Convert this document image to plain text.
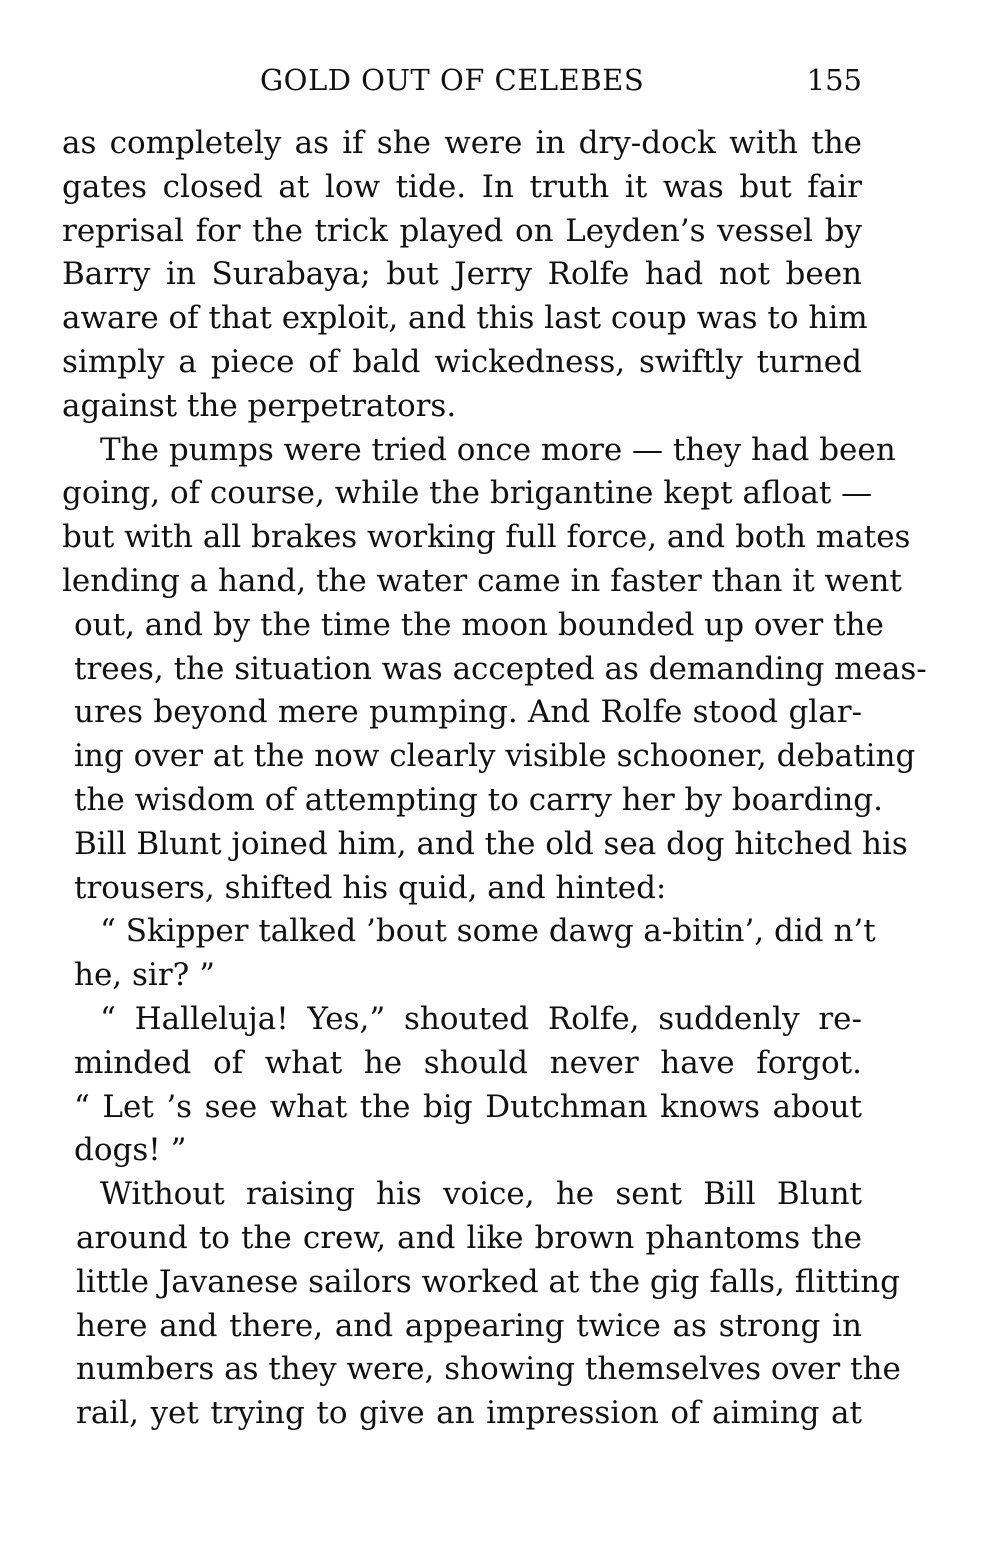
GOLD OUT OF CELEBES	155
as completely as if she were in dry-dock with the
gates closed at low tide. In truth it was but fair
reprisal for the trick played on Leyden’s vessel by
Barry in Surabaya; but Jerry Rolfe had not been
aware of that exploit, and this last coup was to him
simply a piece of bald wickedness, swiftly turned
against the perpetrators.
The pumps were tried once more — they had been
going, of course, while the brigantine kept afloat —
but with all brakes working full force, and both mates
lending a hand, the water came in faster than it went
out, and by the time the moon bounded up over the
trees, the situation was accepted as demanding meas-
ures beyond mere pumping. And Rolfe stood glar-
ing over at the now clearly visible schooner, debating
the wisdom of attempting to carry her by boarding.
Bill Blunt joined him, and the old sea dog hitched his
trousers, shifted his quid, and hinted:
“ Skipper talked ’bout some dawg a-bitin’, did n’t
he, sir? ”
“ Halleluja! Yes,” shouted Rolfe, suddenly re-
minded of what he should never have forgot.
“ Let ’s see what the big Dutchman knows about
dogs! ”
Without raising his voice, he sent Bill Blunt
around to the crew, and like brown phantoms the
little Javanese sailors worked at the gig falls, flitting
here and there, and appearing twice as strong in
numbers as they were, showing themselves over the
rail, yet trying to give an impression of aiming at
